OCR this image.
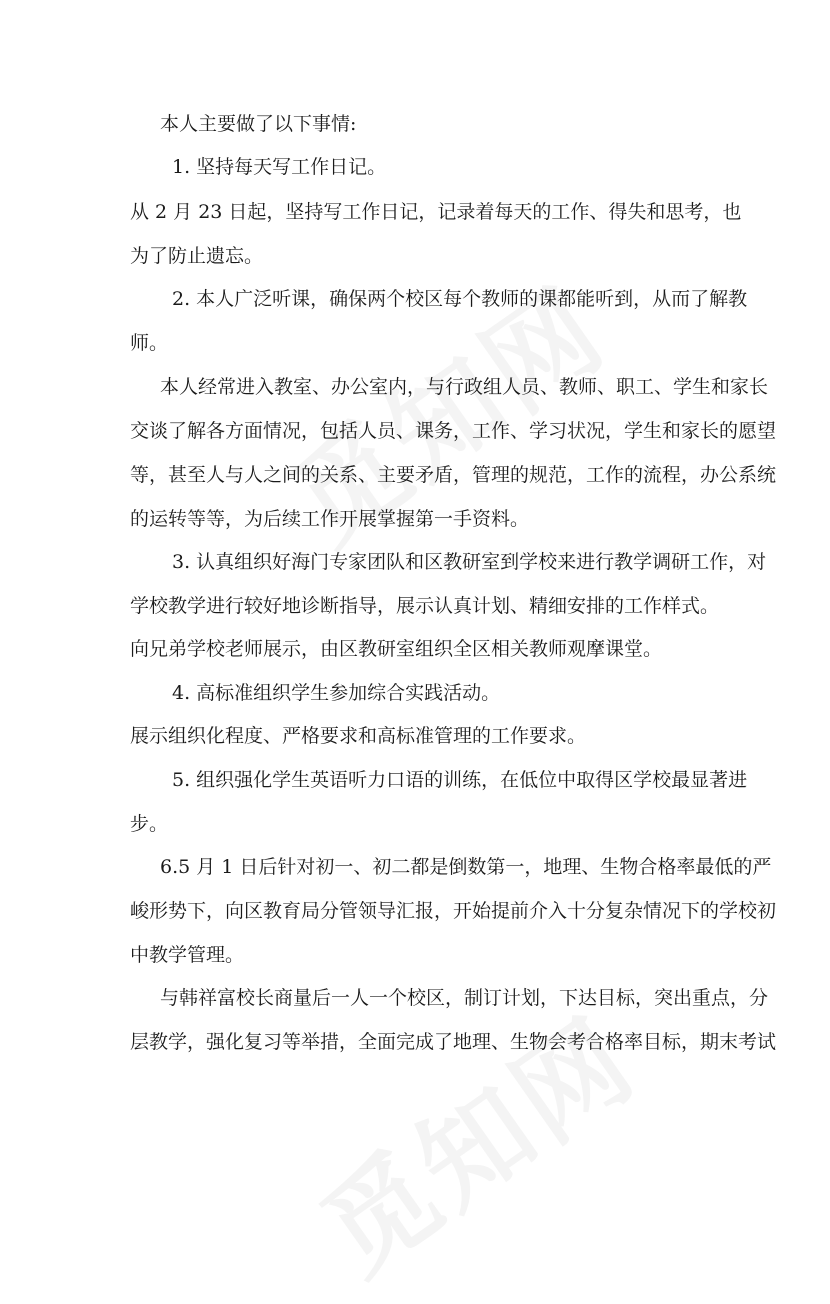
本人主要做了以下事情:
1. 坚持每天写工作日记。
从 2 月 23 日起，坚持写工作日记，记录着每天的工作、得失和思考，也
为了防止遗忘。
2. 本人广泛听课，确保两个校区每个教师的课都能听到，从而了解教
师。
本人经常进入教室、办公室内，与行政组人员、教师、职工、学生和家长
交谈了解各方面情况，包括人员、课务，工作、学习状况，学生和家长的愿望
等，甚至人与人之间的关系、主要矛盾，管理的规范，工作的流程，办公系统
的运转等等，为后续工作开展掌握第一手资料。
3. 认真组织好海门专家团队和区教研室到学校来进行教学调研工作，对
学校教学进行较好地诊断指导，展示认真计划、精细安排的工作样式。
向兄弟学校老师展示，由区教研室组织全区相关教师观摩课堂。
4. 高标准组织学生参加综合实践活动。
展示组织化程度、严格要求和高标准管理的工作要求。
5. 组织强化学生英语听力口语的训练，在低位中取得区学校最显著进
步。
6.5 月 1 日后针对初一、初二都是倒数第一，地理、生物合格率最低的严
峻形势下，向区教育局分管领导汇报，开始提前介入十分复杂情况下的学校初
中教学管理。
与韩祥富校长商量后一人一个校区，制订计划，下达目标，突出重点，分
层教学，强化复习等举措，全面完成了地理、生物会考合格率目标，期末考试
